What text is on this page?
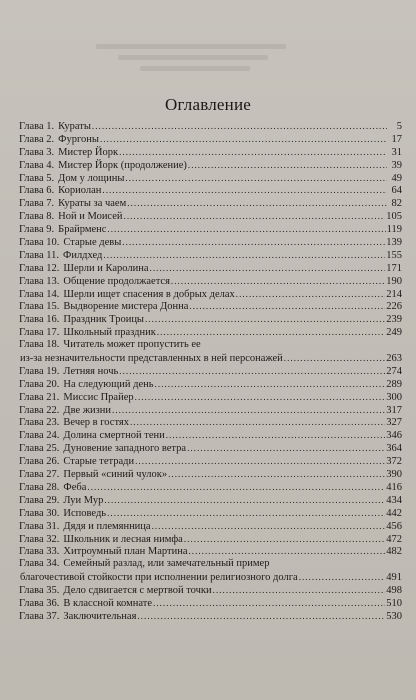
Оглавление
Глава 1. Кураты . . .	5
Глава 2. Фургоны . . .	17
Глава 3. Мистер Йорк . . .	31
Глава 4. Мистер Йорк (продолжение) . . .	39
Глава 5. Дом у лощины . . .	49
Глава 6. Кориолан . . .	64
Глава 7. Кураты за чаем . . .	82
Глава 8. Ной и Моисей . . .	105
Глава 9. Брайрменс . . .	119
Глава 10. Старые девы . . .	139
Глава 11. Филдхед . . .	155
Глава 12. Шерли и Каролина . . .	171
Глава 13. Общение продолжается . . .	190
Глава 14. Шерли ищет спасения в добрых делах . . .	214
Глава 15. Выдворение мистера Донна . . .	226
Глава 16. Праздник Троицы . . .	239
Глава 17. Школьный праздник . . .	249
Глава 18. Читатель может пропустить ее
из-за незначительности представленных в ней персонажей . . .	263
Глава 19. Летняя ночь . . .	274
Глава 20. На следующий день . . .	289
Глава 21. Миссис Прайер . . .	300
Глава 22. Две жизни . . .	317
Глава 23. Вечер в гостях . . .	327
Глава 24. Долина смертной тени . . .	346
Глава 25. Дуновение западного ветра . . .	364
Глава 26. Старые тетради . . .	372
Глава 27. Первый «синий чулок» . . .	390
Глава 28. Феба . . .	416
Глава 29. Луи Мур . . .	434
Глава 30. Исповедь . . .	442
Глава 31. Дядя и племянница . . .	456
Глава 32. Школьник и лесная нимфа . . .	472
Глава 33. Хитроумный план Мартина . . .	482
Глава 34. Семейный разлад, или замечательный пример
благочестивой стойкости при исполнении религиозного долга . . .	491
Глава 35. Дело сдвигается с мертвой точки . . .	498
Глава 36. В классной комнате . . .	510
Глава 37. Заключительная . . .	530
